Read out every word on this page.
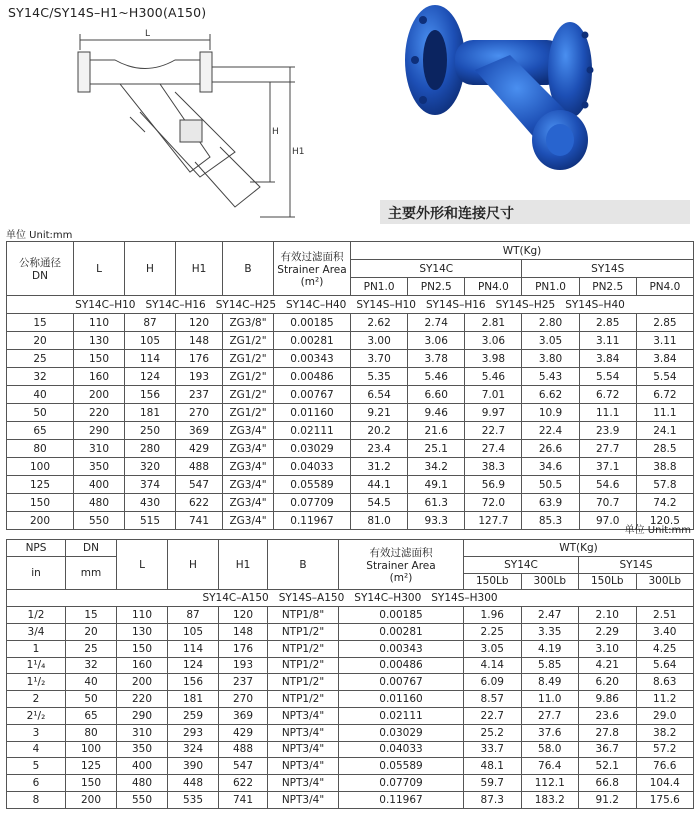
SY14C/SY14S–H1~H300(A150)
L
H
H1
主要外形和连接尺寸
单位 Unit:mm
公称通径
DN	L	H	H1	B	有效过滤面积
Strainer Area
(m²)	WT(Kg)					
						SY14C			SY14S		
						PN1.0	PN2.5	PN4.0	PN1.0	PN2.5	PN4.0
SY14C–H10   SY14C–H16   SY14C–H25   SY14C–H40   SY14S–H10   SY14S–H16   SY14S–H25   SY14S–H40											
15	110	87	120	ZG3/8"	0.00185	2.62	2.74	2.81	2.80	2.85	2.85
20	130	105	148	ZG1/2"	0.00281	3.00	3.06	3.06	3.05	3.11	3.11
25	150	114	176	ZG1/2"	0.00343	3.70	3.78	3.98	3.80	3.84	3.84
32	160	124	193	ZG1/2"	0.00486	5.35	5.46	5.46	5.43	5.54	5.54
40	200	156	237	ZG1/2"	0.00767	6.54	6.60	7.01	6.62	6.72	6.72
50	220	181	270	ZG1/2"	0.01160	9.21	9.46	9.97	10.9	11.1	11.1
65	290	250	369	ZG3/4"	0.02111	20.2	21.6	22.7	22.4	23.9	24.1
80	310	280	429	ZG3/4"	0.03029	23.4	25.1	27.4	26.6	27.7	28.5
100	350	320	488	ZG3/4"	0.04033	31.2	34.2	38.3	34.6	37.1	38.8
125	400	374	547	ZG3/4"	0.05589	44.1	49.1	56.9	50.5	54.6	57.8
150	480	430	622	ZG3/4"	0.07709	54.5	61.3	72.0	63.9	70.7	74.2
200	550	515	741	ZG3/4"	0.11967	81.0	93.3	127.7	85.3	97.0	120.5
单位 Unit:mm
NPS	DN	L	H	H1	B	有效过滤面积
Strainer Area
(m²)	WT(Kg)			
in	mm						SY14C		SY14S	
							150Lb	300Lb	150Lb	300Lb
SY14C–A150   SY14S–A150   SY14C–H300   SY14S–H300										
1/2	15	110	87	120	NTP1/8"	0.00185	1.96	2.47	2.10	2.51
3/4	20	130	105	148	NTP1/2"	0.00281	2.25	3.35	2.29	3.40
1	25	150	114	176	NTP1/2"	0.00343	3.05	4.19	3.10	4.25
1¹/₄	32	160	124	193	NTP1/2"	0.00486	4.14	5.85	4.21	5.64
1¹/₂	40	200	156	237	NTP1/2"	0.00767	6.09	8.49	6.20	8.63
2	50	220	181	270	NTP1/2"	0.01160	8.57	11.0	9.86	11.2
2¹/₂	65	290	259	369	NPT3/4"	0.02111	22.7	27.7	23.6	29.0
3	80	310	293	429	NPT3/4"	0.03029	25.2	37.6	27.8	38.2
4	100	350	324	488	NPT3/4"	0.04033	33.7	58.0	36.7	57.2
5	125	400	390	547	NPT3/4"	0.05589	48.1	76.4	52.1	76.6
6	150	480	448	622	NPT3/4"	0.07709	59.7	112.1	66.8	104.4
8	200	550	535	741	NPT3/4"	0.11967	87.3	183.2	91.2	175.6
